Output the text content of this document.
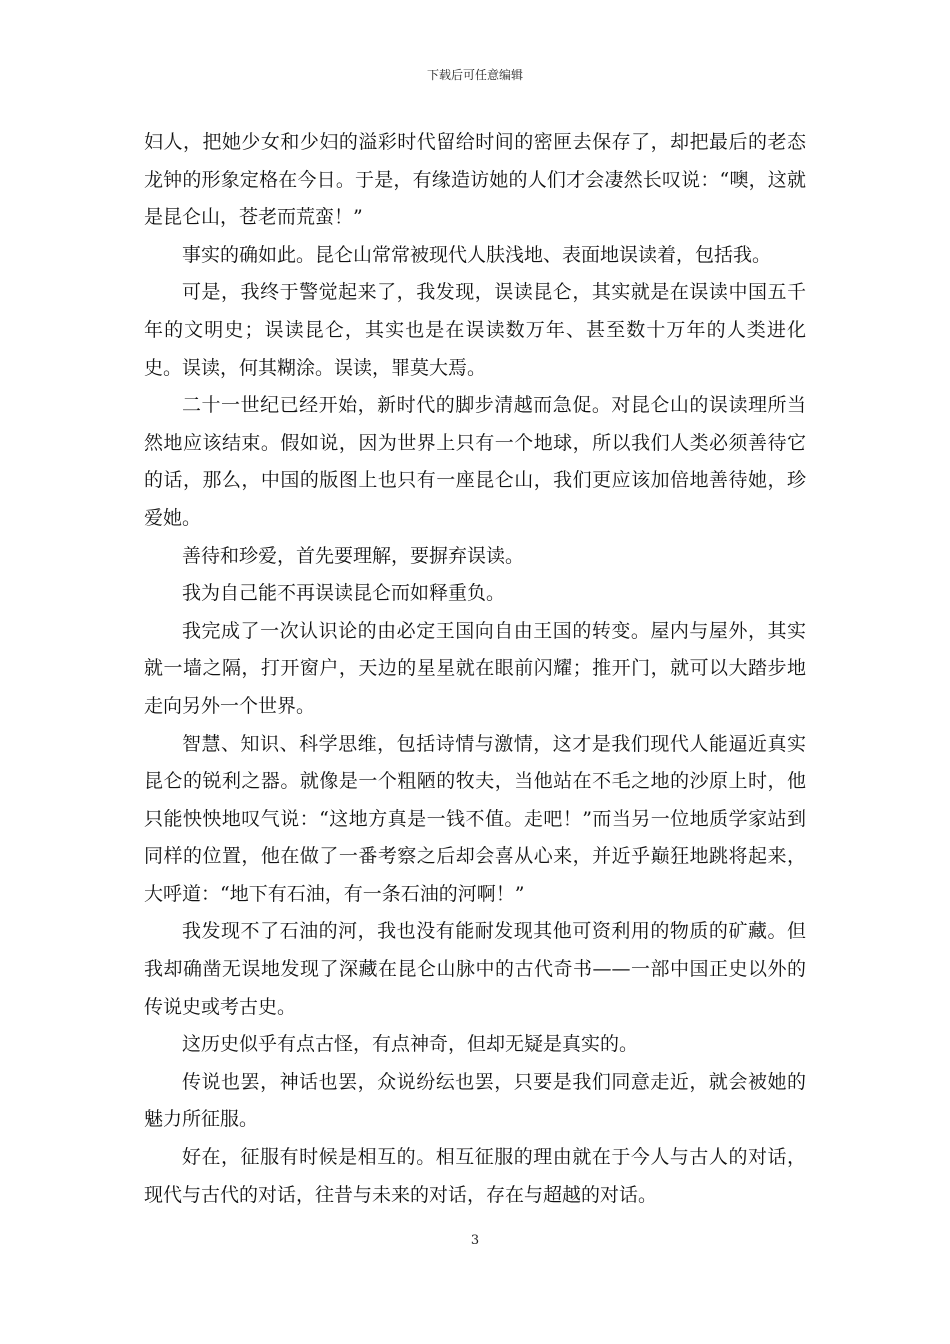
下载后可任意编辑

妇人，把她少女和少妇的溢彩时代留给时间的密匣去保存了，却把最后的老态龙钟的形象定格在今日。于是，有缘造访她的人们才会凄然长叹说：“噢，这就是昆仑山，苍老而荒蛮！”

事实的确如此。昆仑山常常被现代人肤浅地、表面地误读着，包括我。

可是，我终于警觉起来了，我发现，误读昆仑，其实就是在误读中国五千年的文明史；误读昆仑，其实也是在误读数万年、甚至数十万年的人类进化史。误读，何其糊涂。误读，罪莫大焉。

二十一世纪已经开始，新时代的脚步清越而急促。对昆仑山的误读理所当然地应该结束。假如说，因为世界上只有一个地球，所以我们人类必须善待它的话，那么，中国的版图上也只有一座昆仑山，我们更应该加倍地善待她，珍爱她。

善待和珍爱，首先要理解，要摒弃误读。

我为自己能不再误读昆仑而如释重负。

我完成了一次认识论的由必定王国向自由王国的转变。屋内与屋外，其实就一墙之隔，打开窗户，天边的星星就在眼前闪耀；推开门，就可以大踏步地走向另外一个世界。

智慧、知识、科学思维，包括诗情与激情，这才是我们现代人能逼近真实昆仑的锐利之器。就像是一个粗陋的牧夫，当他站在不毛之地的沙原上时，他只能怏怏地叹气说：“这地方真是一钱不值。走吧！”而当另一位地质学家站到同样的位置，他在做了一番考察之后却会喜从心来，并近乎巅狂地跳将起来，大呼道：“地下有石油，有一条石油的河啊！”

我发现不了石油的河，我也没有能耐发现其他可资利用的物质的矿藏。但我却确凿无误地发现了深藏在昆仑山脉中的古代奇书——一部中国正史以外的传说史或考古史。

这历史似乎有点古怪，有点神奇，但却无疑是真实的。

传说也罢，神话也罢，众说纷纭也罢，只要是我们同意走近，就会被她的魅力所征服。

好在，征服有时候是相互的。相互征服的理由就在于今人与古人的对话，现代与古代的对话，往昔与未来的对话，存在与超越的对话。

3
